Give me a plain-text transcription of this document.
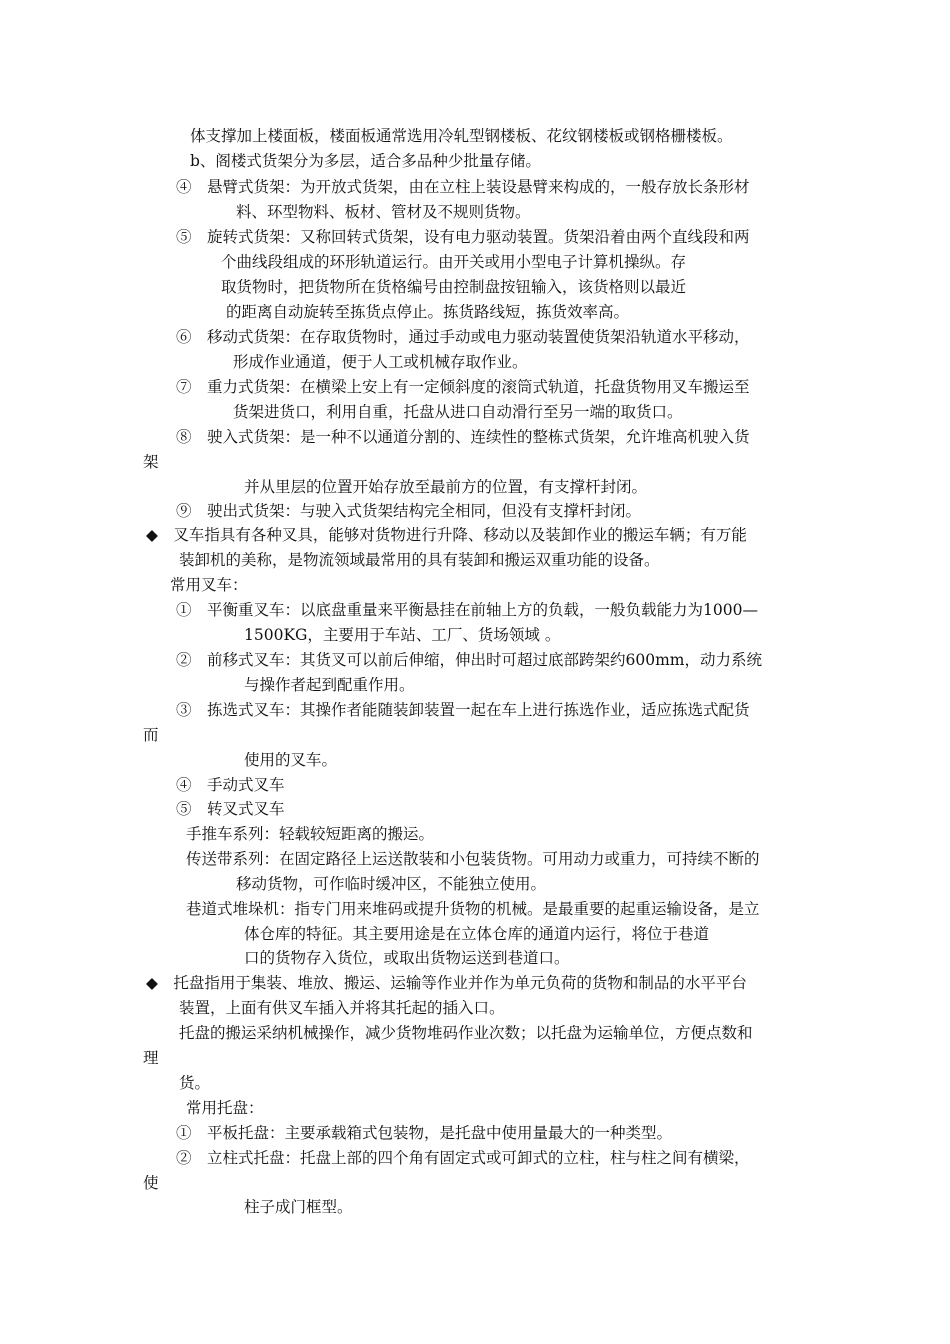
体支撑加上楼面板，楼面板通常选用冷轧型钢楼板、花纹钢楼板或钢格栅楼板。
b、阁楼式货架分为多层，适合多品种少批量存储。
④　悬臂式货架：为开放式货架，由在立柱上装设悬臂来构成的，一般存放长条形材
料、环型物料、板材、管材及不规则货物。
⑤　旋转式货架：又称回转式货架，设有电力驱动装置。货架沿着由两个直线段和两
个曲线段组成的环形轨道运行。由开关或用小型电子计算机操纵。存
取货物时，把货物所在货格编号由控制盘按钮输入，该货格则以最近
的距离自动旋转至拣货点停止。拣货路线短，拣货效率高。
⑥　移动式货架：在存取货物时，通过手动或电力驱动装置使货架沿轨道水平移动，
形成作业通道，便于人工或机械存取作业。
⑦　重力式货架：在横梁上安上有一定倾斜度的滚筒式轨道，托盘货物用叉车搬运至
货架进货口，利用自重，托盘从进口自动滑行至另一端的取货口。
⑧　驶入式货架：是一种不以通道分割的、连续性的整栋式货架，允许堆高机驶入货
架
并从里层的位置开始存放至最前方的位置，有支撑杆封闭。
⑨　驶出式货架：与驶入式货架结构完全相同，但没有支撑杆封闭。
◆　叉车指具有各种叉具，能够对货物进行升降、移动以及装卸作业的搬运车辆；有万能
装卸机的美称，是物流领域最常用的具有装卸和搬运双重功能的设备。
常用叉车：
①　平衡重叉车：以底盘重量来平衡悬挂在前轴上方的负载，一般负载能力为1000—
1500KG，主要用于车站、工厂、货场领域 。
②　前移式叉车：其货叉可以前后伸缩，伸出时可超过底部跨架约600mm，动力系统
与操作者起到配重作用。
③　拣选式叉车：其操作者能随装卸装置一起在车上进行拣选作业，适应拣选式配货
而
使用的叉车。
④　手动式叉车
⑤　转叉式叉车
手推车系列：轻载较短距离的搬运。
传送带系列：在固定路径上运送散装和小包装货物。可用动力或重力，可持续不断的
移动货物，可作临时缓冲区，不能独立使用。
巷道式堆垛机：指专门用来堆码或提升货物的机械。是最重要的起重运输设备，是立
体仓库的特征。其主要用途是在立体仓库的通道内运行，将位于巷道
口的货物存入货位，或取出货物运送到巷道口。
◆　托盘指用于集装、堆放、搬运、运输等作业并作为单元负荷的货物和制品的水平平台
装置，上面有供叉车插入并将其托起的插入口。
托盘的搬运采纳机械操作，减少货物堆码作业次数；以托盘为运输单位，方便点数和
理
货。
常用托盘：
①　平板托盘：主要承载箱式包装物，是托盘中使用量最大的一种类型。
②　立柱式托盘：托盘上部的四个角有固定式或可卸式的立柱，柱与柱之间有横梁，
使
柱子成门框型。
